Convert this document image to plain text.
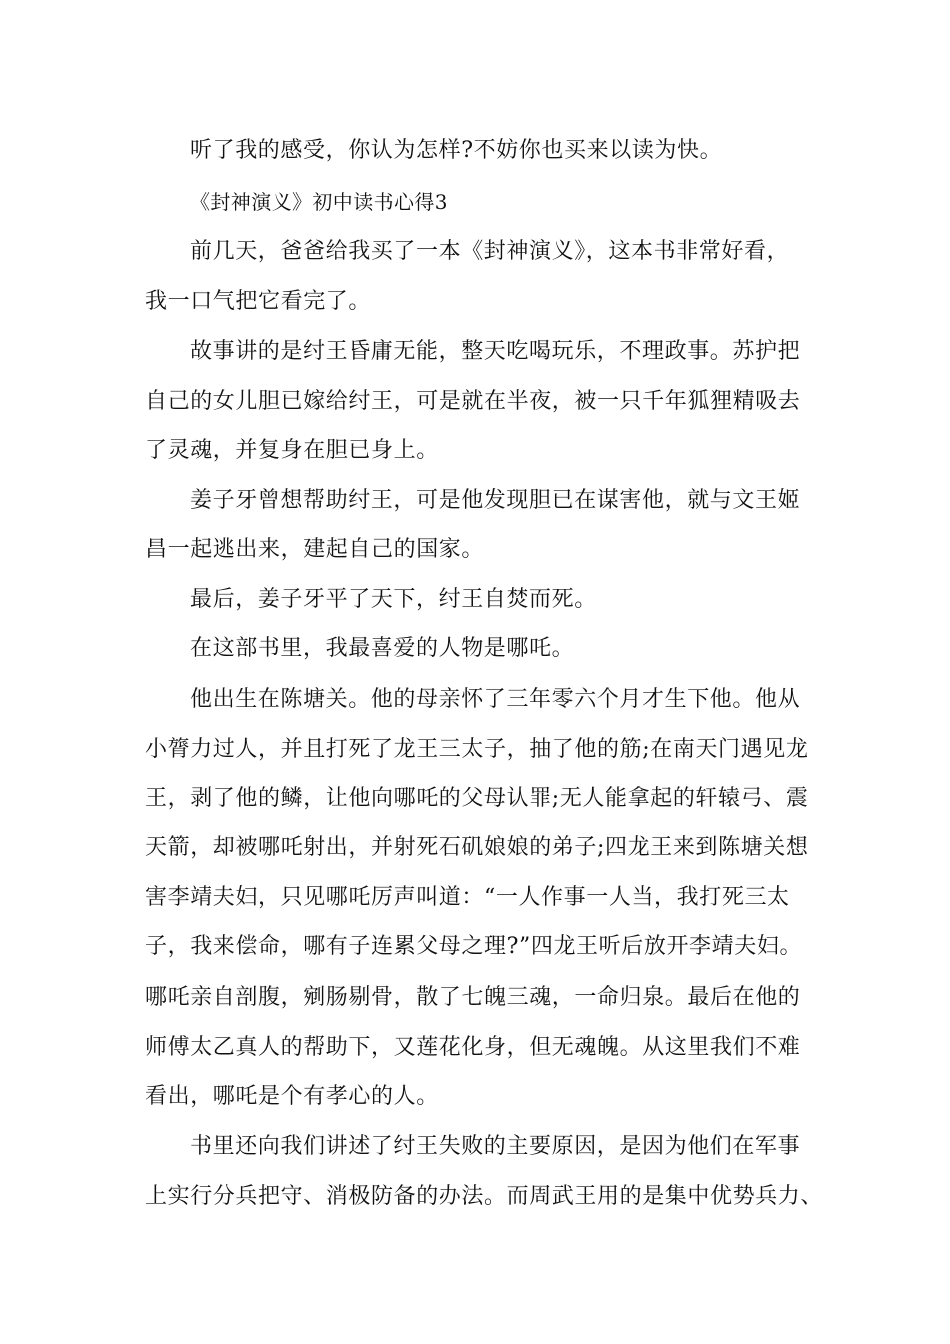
听了我的感受，你认为怎样?不妨你也买来以读为快。
《封神演义》初中读书心得3
前几天，爸爸给我买了一本《封神演义》，这本书非常好看，
我一口气把它看完了。
故事讲的是纣王昏庸无能，整天吃喝玩乐，不理政事。苏护把
自己的女儿胆已嫁给纣王，可是就在半夜，被一只千年狐狸精吸去
了灵魂，并复身在胆已身上。
姜子牙曾想帮助纣王，可是他发现胆已在谋害他，就与文王姬
昌一起逃出来，建起自己的国家。
最后，姜子牙平了天下，纣王自焚而死。
在这部书里，我最喜爱的人物是哪吒。
他出生在陈塘关。他的母亲怀了三年零六个月才生下他。他从
小膂力过人，并且打死了龙王三太子，抽了他的筋;在南天门遇见龙
王，剥了他的鳞，让他向哪吒的父母认罪;无人能拿起的轩辕弓、震
天箭，却被哪吒射出，并射死石矶娘娘的弟子;四龙王来到陈塘关想
害李靖夫妇，只见哪吒厉声叫道：“一人作事一人当，我打死三太
子，我来偿命，哪有子连累父母之理?”四龙王听后放开李靖夫妇。
哪吒亲自剖腹，剜肠剔骨，散了七魄三魂，一命归泉。最后在他的
师傅太乙真人的帮助下，又莲花化身，但无魂魄。从这里我们不难
看出，哪吒是个有孝心的人。
书里还向我们讲述了纣王失败的主要原因，是因为他们在军事
上实行分兵把守、消极防备的办法。而周武王用的是集中优势兵力、
